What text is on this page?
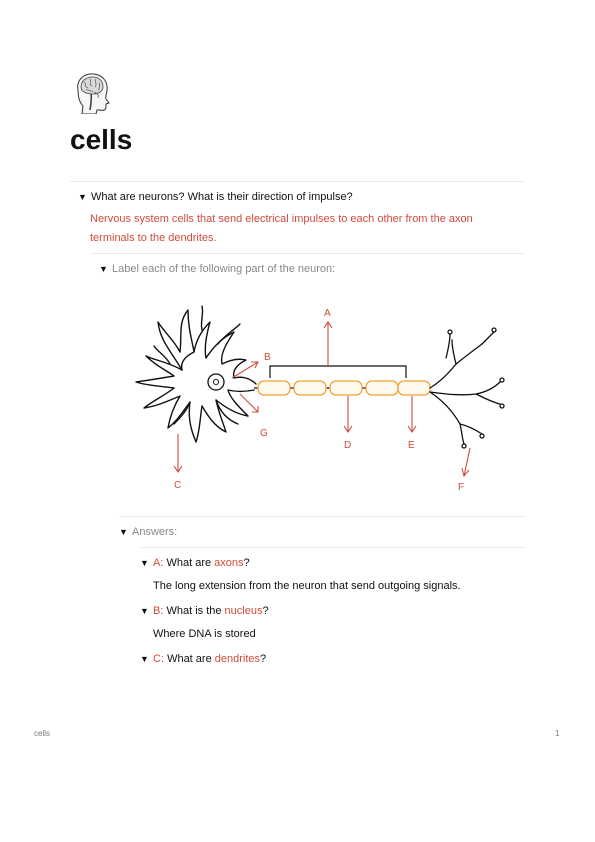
cells
▼ What are neurons? What is their direction of impulse?
Nervous system cells that send electrical impulses to each other from the axon terminals to the dendrites.
▼ Label each of the following part of the neuron:
A
B
C
D	E
F
G
▼ Answers:
▼ A: What are axons?
The long extension from the neuron that send outgoing signals.
▼ B: What is the nucleus?
Where DNA is stored
▼ C: What are dendrites?
cells	1
